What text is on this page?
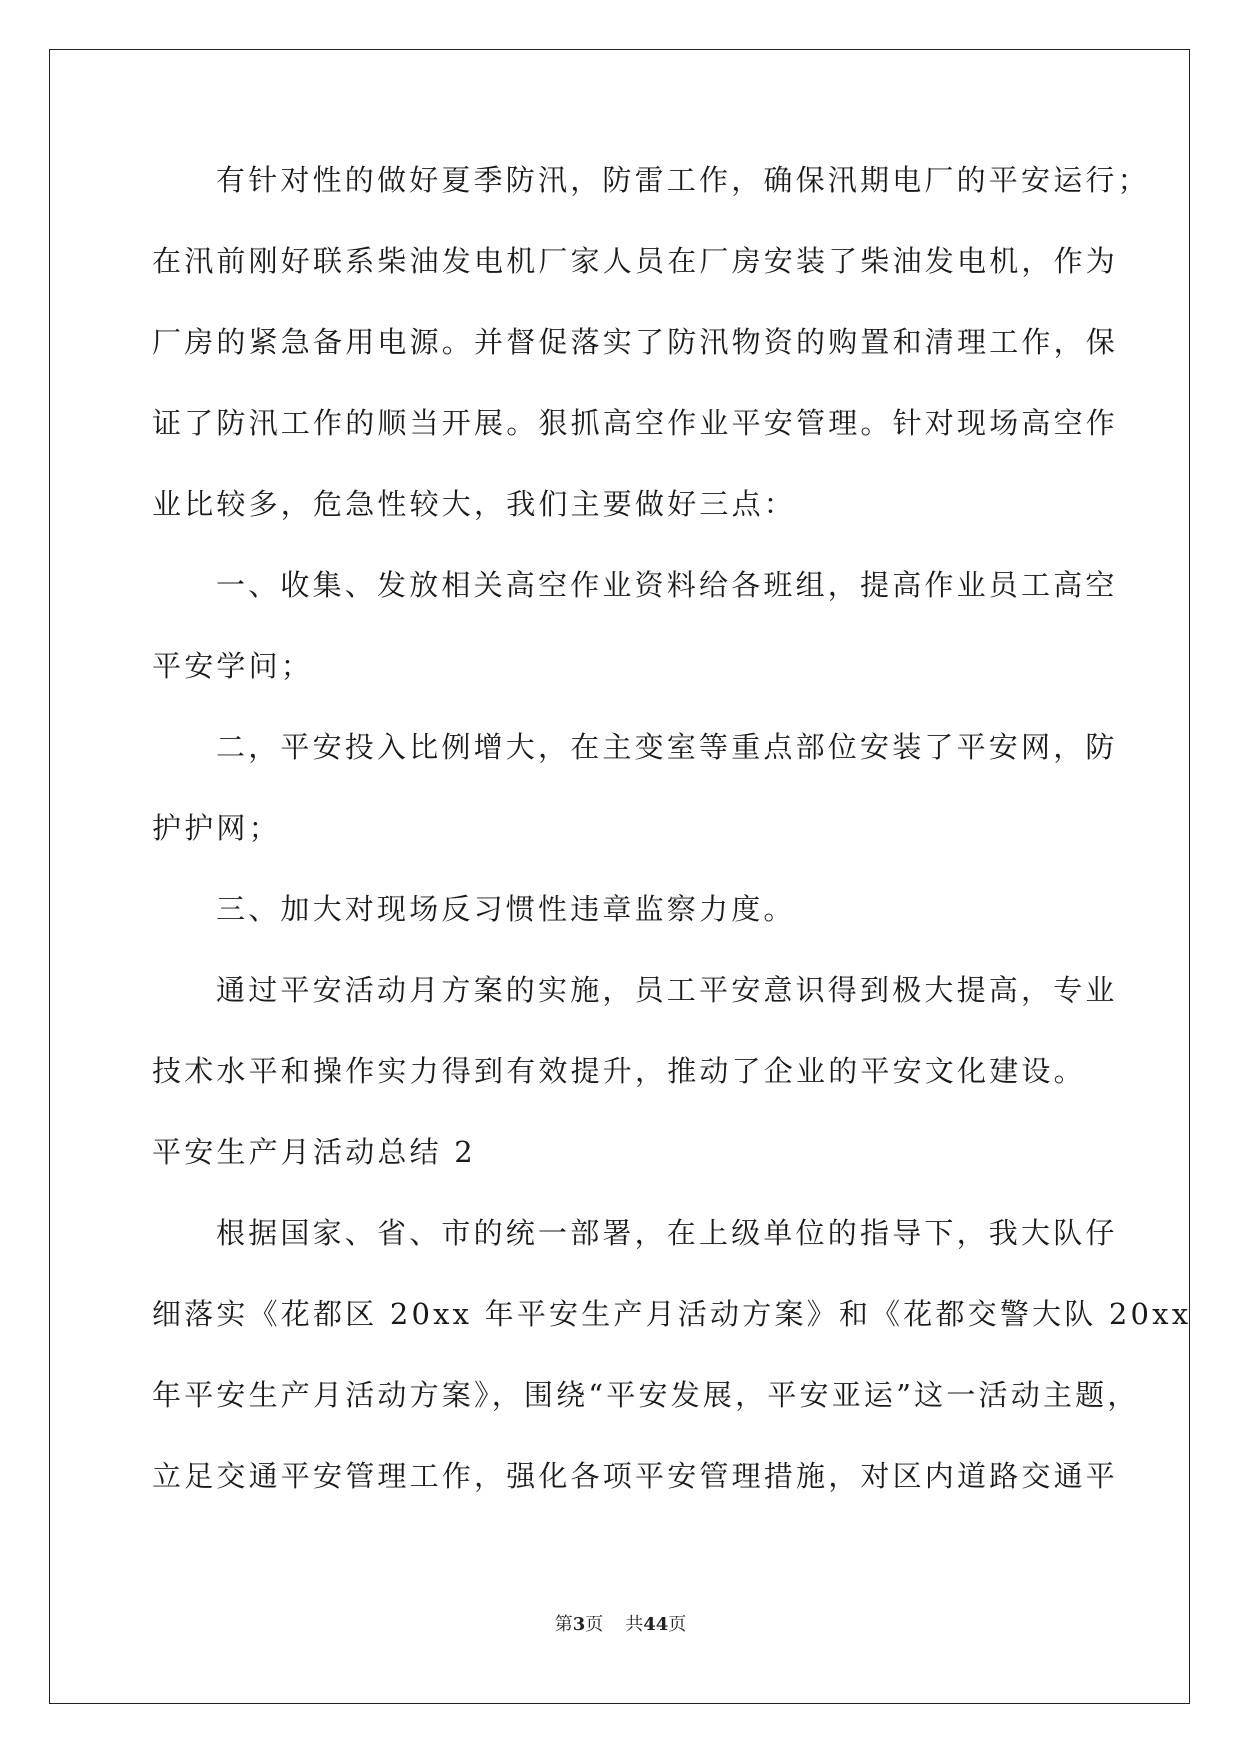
有针对性的做好夏季防汛，防雷工作，确保汛期电厂的平安运行；

在汛前刚好联系柴油发电机厂家人员在厂房安装了柴油发电机，作为

厂房的紧急备用电源。并督促落实了防汛物资的购置和清理工作，保

证了防汛工作的顺当开展。狠抓高空作业平安管理。针对现场高空作

业比较多，危急性较大，我们主要做好三点：

一、收集、发放相关高空作业资料给各班组，提高作业员工高空

平安学问；

二，平安投入比例增大，在主变室等重点部位安装了平安网，防

护护网；

三、加大对现场反习惯性违章监察力度。

通过平安活动月方案的实施，员工平安意识得到极大提高，专业

技术水平和操作实力得到有效提升，推动了企业的平安文化建设。

平安生产月活动总结 2

根据国家、省、市的统一部署，在上级单位的指导下，我大队仔

细落实《花都区 20xx 年平安生产月活动方案》和《花都交警大队 20xx

年平安生产月活动方案》，围绕“平安发展，平安亚运”这一活动主题，

立足交通平安管理工作，强化各项平安管理措施，对区内道路交通平

第3页 共44页
